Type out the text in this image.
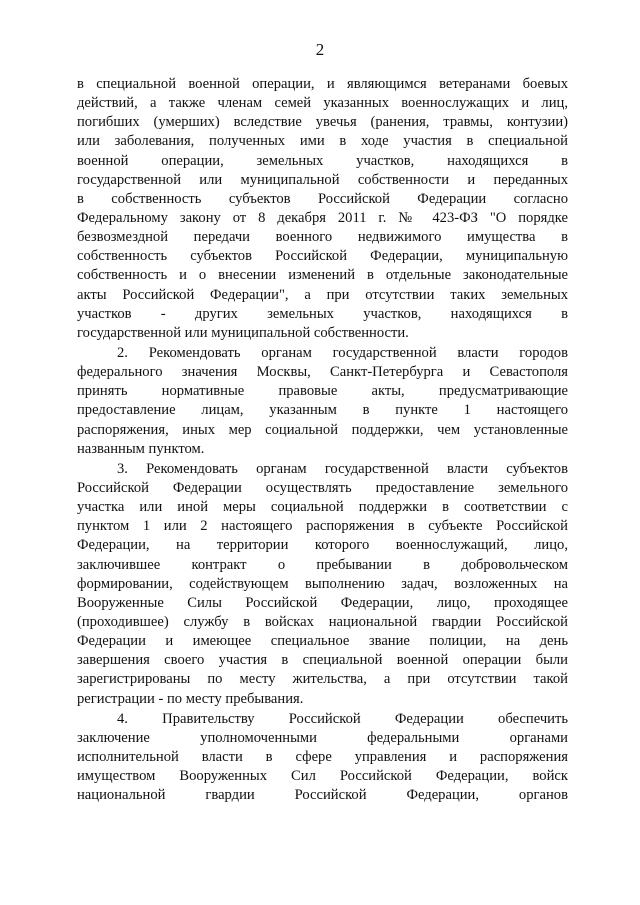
2
в специальной военной операции, и являющимся ветеранами боевых
действий, а также членам семей указанных военнослужащих и лиц,
погибших (умерших) вследствие увечья (ранения, травмы, контузии)
или заболевания, полученных ими в ходе участия в специальной
военной операции, земельных участков, находящихся в
государственной или муниципальной собственности и переданных
в собственность субъектов Российской Федерации согласно
Федеральному закону от 8 декабря 2011 г. № 423-ФЗ "О порядке
безвозмездной передачи военного недвижимого имущества в
собственность субъектов Российской Федерации, муниципальную
собственность и о внесении изменений в отдельные законодательные
акты Российской Федерации", а при отсутствии таких земельных
участков - других земельных участков, находящихся в
государственной или муниципальной собственности.
2. Рекомендовать органам государственной власти городов
федерального значения Москвы, Санкт-Петербурга и Севастополя
принять нормативные правовые акты, предусматривающие
предоставление лицам, указанным в пункте 1 настоящего
распоряжения, иных мер социальной поддержки, чем установленные
названным пунктом.
3. Рекомендовать органам государственной власти субъектов
Российской Федерации осуществлять предоставление земельного
участка или иной меры социальной поддержки в соответствии с
пунктом 1 или 2 настоящего распоряжения в субъекте Российской
Федерации, на территории которого военнослужащий, лицо,
заключившее контракт о пребывании в добровольческом
формировании, содействующем выполнению задач, возложенных на
Вооруженные Силы Российской Федерации, лицо, проходящее
(проходившее) службу в войсках национальной гвардии Российской
Федерации и имеющее специальное звание полиции, на день
завершения своего участия в специальной военной операции были
зарегистрированы по месту жительства, а при отсутствии такой
регистрации - по месту пребывания.
4. Правительству Российской Федерации обеспечить
заключение уполномоченными федеральными органами
исполнительной власти в сфере управления и распоряжения
имуществом Вооруженных Сил Российской Федерации, войск
национальной гвардии Российской Федерации, органов
